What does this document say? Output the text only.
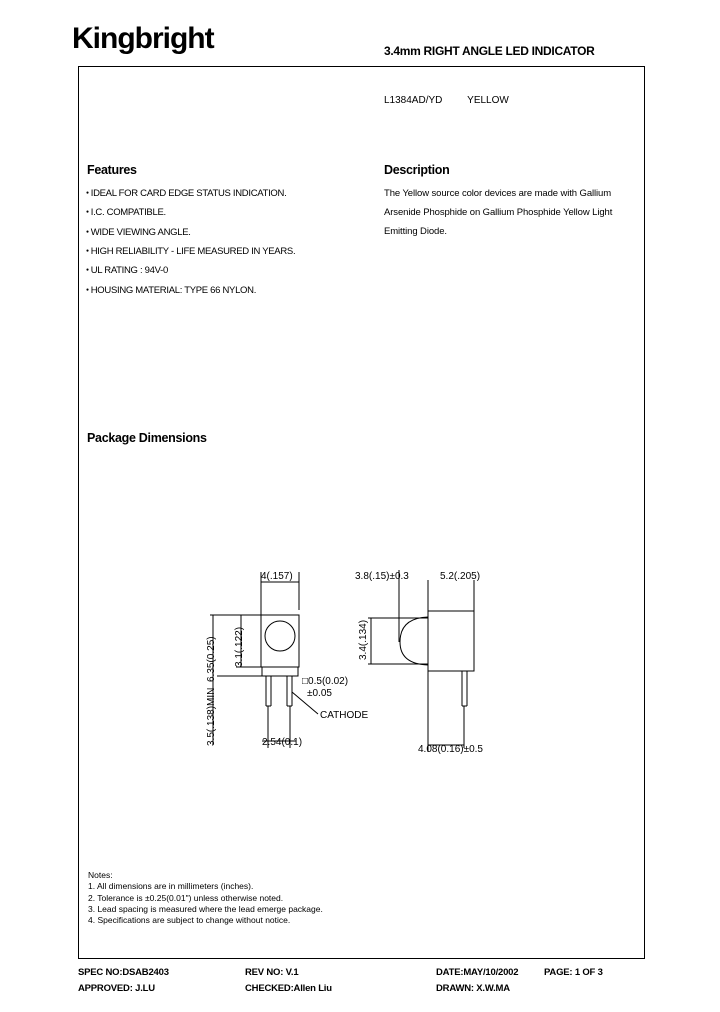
Kingbright	3.4mm RIGHT ANGLE LED INDICATOR
L1384AD/YD YELLOW
Features
● IDEAL FOR CARD EDGE STATUS INDICATION.
● I.C. COMPATIBLE.
● WIDE VIEWING ANGLE.
● HIGH RELIABILITY - LIFE MEASURED IN YEARS.
● UL RATING : 94V-0
● HOUSING MATERIAL: TYPE 66 NYLON.
Description
The Yellow source color devices are made with Gallium Arsenide Phosphide on Gallium Phosphide Yellow Light Emitting Diode.
Package Dimensions
4(.157)
3.5(.138)MIN
6.35(0.25) 3.1(.122)
□0.5(0.02)
±0.05
CATHODE
2.54(0.1)
3.8(.15)±0.3	5.2(.205)
3.4(.134)
4.08(0.16)±0.5
Notes:
1. All dimensions are in millimeters (inches).
2. Tolerance is ±0.25(0.01") unless otherwise noted.
3. Lead spacing is measured where the lead emerge package.
4. Specifications are subject to change without notice.
SPEC NO:DSAB2403	REV NO: V.1	DATE:MAY/10/2002	PAGE: 1 OF 3
APPROVED: J.LU	CHECKED:Allen Liu	DRAWN: X.W.MA
